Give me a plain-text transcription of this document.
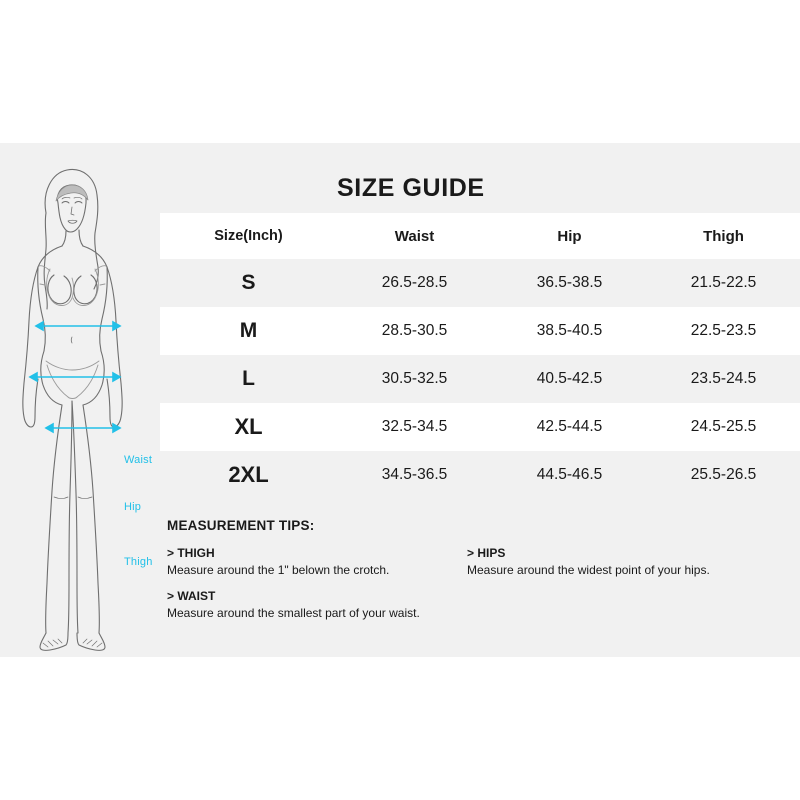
Waist
Hip
Thigh
SIZE GUIDE
Size(Inch)	Waist	Hip	Thigh
S	26.5-28.5	36.5-38.5	21.5-22.5
M	28.5-30.5	38.5-40.5	22.5-23.5
L	30.5-32.5	40.5-42.5	23.5-24.5
XL	32.5-34.5	42.5-44.5	24.5-25.5
2XL	34.5-36.5	44.5-46.5	25.5-26.5
MEASUREMENT TIPS:
> THIGH
Measure around the 1" belown the crotch.
> HIPS
Measure around the widest point of your hips.
> WAIST
Measure around the smallest part of your waist.
